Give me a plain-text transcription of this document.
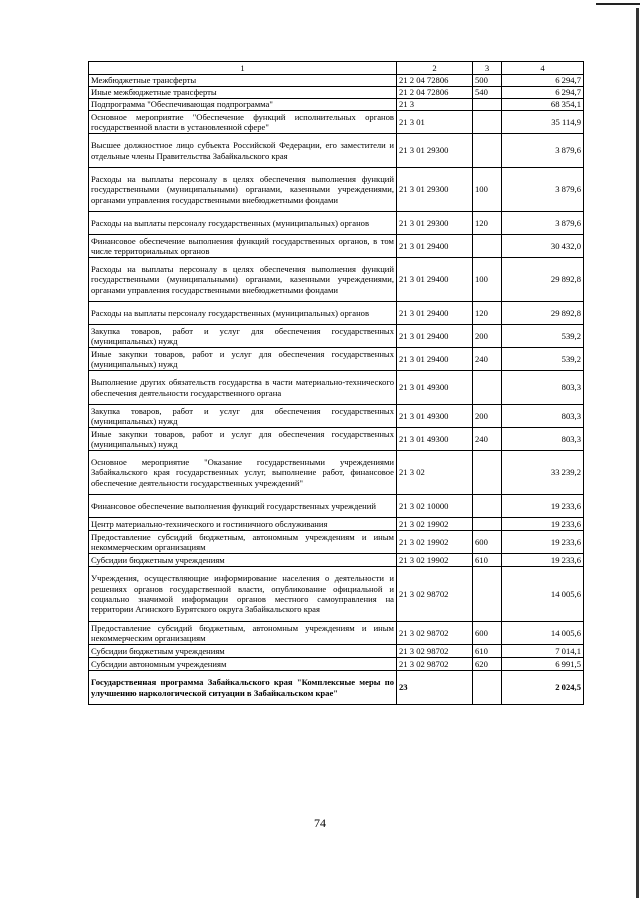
1	2	3	4
Межбюджетные трансферты	21 2 04 72806	500	6 294,7
Иные межбюджетные трансферты	21 2 04 72806	540	6 294,7
Подпрограмма "Обеспечивающая подпрограмма"	21 3		68 354,1
Основное мероприятие "Обеспечение функций исполнительных органов государственной власти в установленной сфере"	21 3 01		35 114,9
Высшее должностное лицо субъекта Российской Федерации, его заместители и отдельные члены Правительства Забайкальского края	21 3 01 29300		3 879,6
Расходы на выплаты персоналу в целях обеспечения выполнения функций государственными (муниципальными) органами, казенными учреждениями, органами управления государственными внебюджетными фондами	21 3 01 29300	100	3 879,6
Расходы на выплаты персоналу государственных (муниципальных) органов	21 3 01 29300	120	3 879,6
Финансовое обеспечение выполнения функций государственных органов, в том числе территориальных органов	21 3 01 29400		30 432,0
Расходы на выплаты персоналу в целях обеспечения выполнения функций государственными (муниципальными) органами, казенными учреждениями, органами управления государственными внебюджетными фондами	21 3 01 29400	100	29 892,8
Расходы на выплаты персоналу государственных (муниципальных) органов	21 3 01 29400	120	29 892,8
Закупка товаров, работ и услуг для обеспечения государственных (муниципальных) нужд	21 3 01 29400	200	539,2
Иные закупки товаров, работ и услуг для обеспечения государственных (муниципальных) нужд	21 3 01 29400	240	539,2
Выполнение других обязательств государства в части материально-технического обеспечения деятельности государственного органа	21 3 01 49300		803,3
Закупка товаров, работ и услуг для обеспечения государственных (муниципальных) нужд	21 3 01 49300	200	803,3
Иные закупки товаров, работ и услуг для обеспечения государственных (муниципальных) нужд	21 3 01 49300	240	803,3
Основное мероприятие "Оказание государственными учреждениями Забайкальского края государственных услуг, выполнение работ, финансовое обеспечение деятельности государственных учреждений"	21 3 02		33 239,2
Финансовое обеспечение выполнения функций государственных учреждений	21 3 02 10000		19 233,6
Центр материально-технического и гостиничного обслуживания	21 3 02 19902		19 233,6
Предоставление субсидий бюджетным, автономным учреждениям и иным некоммерческим организациям	21 3 02 19902	600	19 233,6
Субсидии бюджетным учреждениям	21 3 02 19902	610	19 233,6
Учреждения, осуществляющие информирование населения о деятельности и решениях органов государственной власти, опубликование официальной и социально значимой информации органов местного самоуправления на территории Агинского Бурятского округа Забайкальского края	21 3 02 98702		14 005,6
Предоставление субсидий бюджетным, автономным учреждениям и иным некоммерческим организациям	21 3 02 98702	600	14 005,6
Субсидии бюджетным учреждениям	21 3 02 98702	610	7 014,1
Субсидии автономным учреждениям	21 3 02 98702	620	6 991,5
Государственная программа Забайкальского края "Комплексные меры по улучшению наркологической ситуации в Забайкальском крае"	23		2 024,5
74
